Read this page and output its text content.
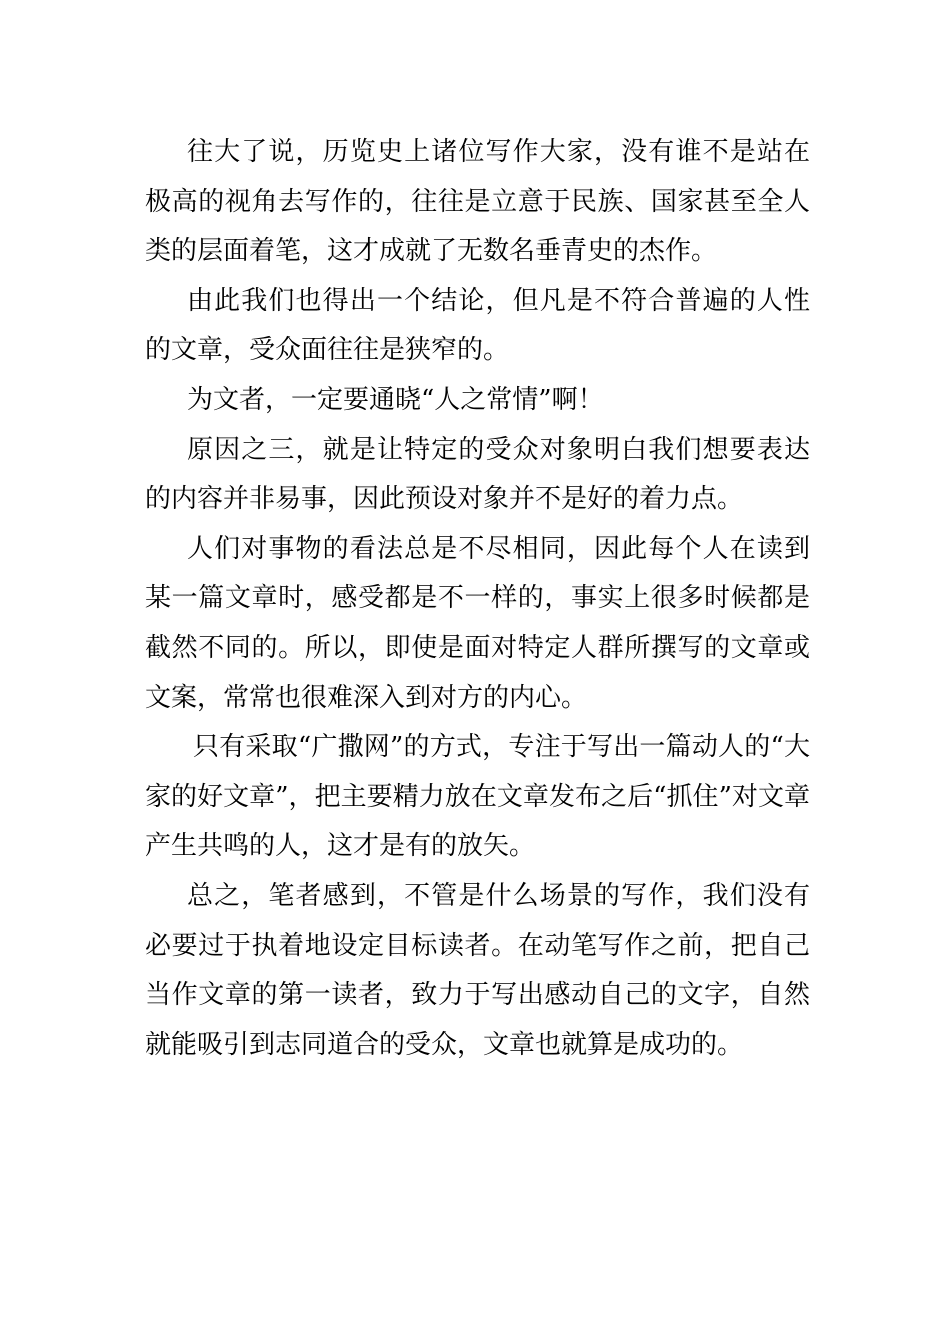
往大了说，历览史上诸位写作大家，没有谁不是站在极高的视角去写作的，往往是立意于民族、国家甚至全人类的层面着笔，这才成就了无数名垂青史的杰作。

由此我们也得出一个结论，但凡是不符合普遍的人性的文章，受众面往往是狭窄的。

为文者，一定要通晓“人之常情”啊！

原因之三，就是让特定的受众对象明白我们想要表达的内容并非易事，因此预设对象并不是好的着力点。

人们对事物的看法总是不尽相同，因此每个人在读到某一篇文章时，感受都是不一样的，事实上很多时候都是截然不同的。所以，即使是面对特定人群所撰写的文章或文案，常常也很难深入到对方的内心。

只有采取“广撒网”的方式，专注于写出一篇动人的“大家的好文章”，把主要精力放在文章发布之后“抓住”对文章产生共鸣的人，这才是有的放矢。

总之，笔者感到，不管是什么场景的写作，我们没有必要过于执着地设定目标读者。在动笔写作之前，把自己当作文章的第一读者，致力于写出感动自己的文字，自然就能吸引到志同道合的受众，文章也就算是成功的。
